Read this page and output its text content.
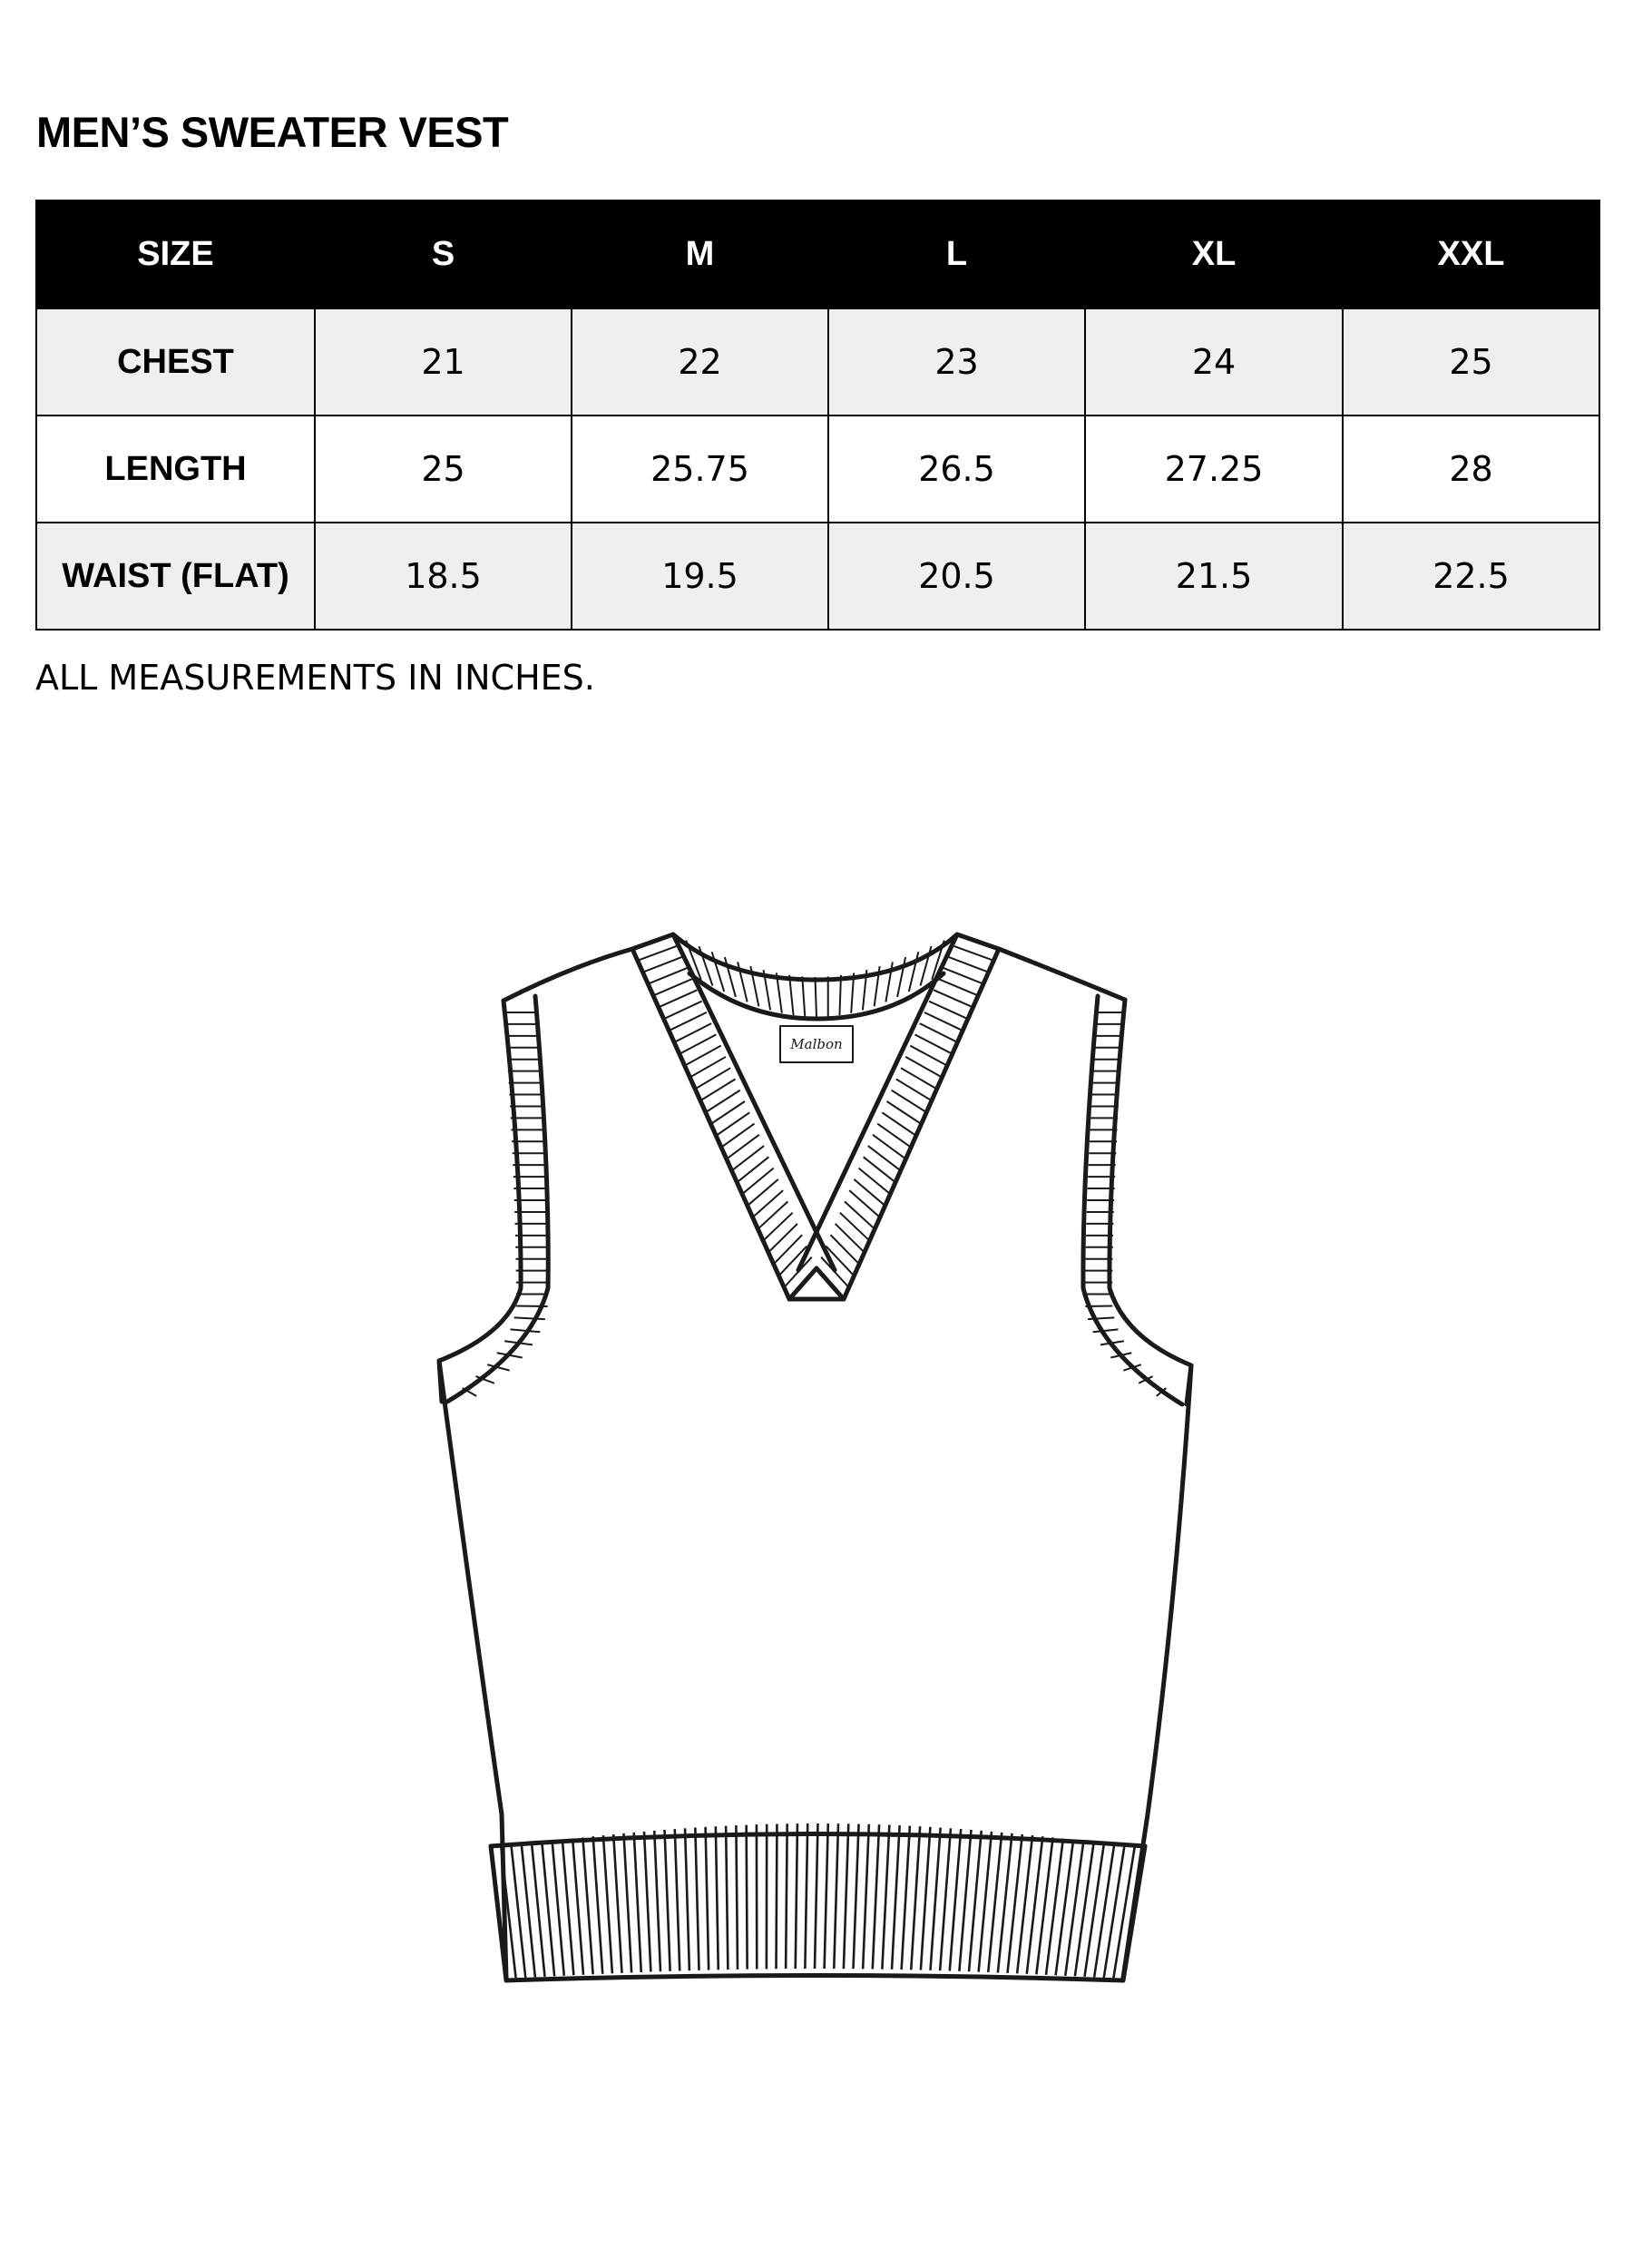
MEN’S SWEATER VEST
SIZE	S	M	L	XL	XXL
CHEST	21	22	23	24	25
LENGTH	25	25.75	26.5	27.25	28
WAIST (FLAT)	18.5	19.5	20.5	21.5	22.5

ALL MEASUREMENTS IN INCHES.

Malbon
